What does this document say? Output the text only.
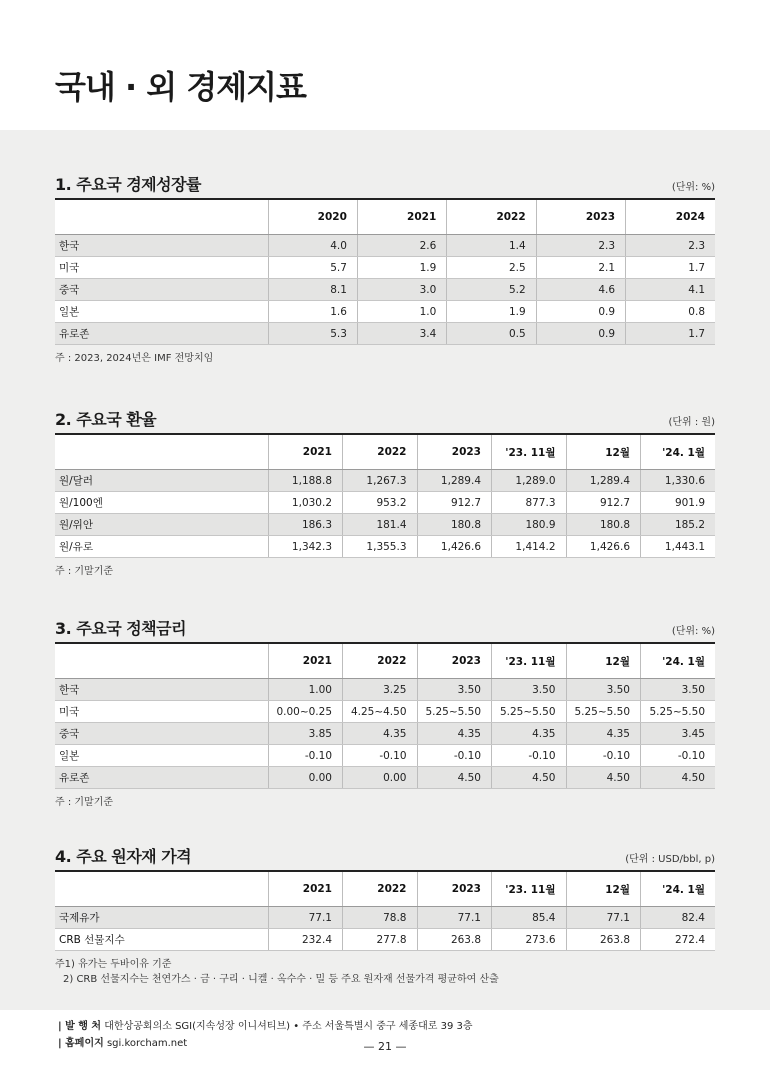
국내 · 외 경제지표
1. 주요국 경제성장률	(단위: %)
	2020	2021	2022	2023	2024
한국	4.0	2.6	1.4	2.3	2.3
미국	5.7	1.9	2.5	2.1	1.7
중국	8.1	3.0	5.2	4.6	4.1
일본	1.6	1.0	1.9	0.9	0.8
유로존	5.3	3.4	0.5	0.9	1.7
주 : 2023, 2024년은 IMF 전망치임
2. 주요국 환율	(단위 : 원)
	2021	2022	2023	'23. 11월	12월	'24. 1월
원/달러	1,188.8	1,267.3	1,289.4	1,289.0	1,289.4	1,330.6
원/100엔	1,030.2	953.2	912.7	877.3	912.7	901.9
원/위안	186.3	181.4	180.8	180.9	180.8	185.2
원/유로	1,342.3	1,355.3	1,426.6	1,414.2	1,426.6	1,443.1
주 : 기말기준
3. 주요국 정책금리	(단위: %)
	2021	2022	2023	'23. 11월	12월	'24. 1월
한국	1.00	3.25	3.50	3.50	3.50	3.50
미국	0.00~0.25	4.25~4.50	5.25~5.50	5.25~5.50	5.25~5.50	5.25~5.50
중국	3.85	4.35	4.35	4.35	4.35	3.45
일본	-0.10	-0.10	-0.10	-0.10	-0.10	-0.10
유로존	0.00	0.00	4.50	4.50	4.50	4.50
주 : 기말기준
4. 주요 원자재 가격	(단위 : USD/bbl, p)
	2021	2022	2023	'23. 11월	12월	'24. 1월
국제유가	77.1	78.8	77.1	85.4	77.1	82.4
CRB 선물지수	232.4	277.8	263.8	273.6	263.8	272.4
주1) 유가는 두바이유 기준
2) CRB 선물지수는 천연가스 · 금 · 구리 · 니켈 · 옥수수 · 밀 등 주요 원자재 선물가격 평균하여 산출
| 발 행 처 대한상공회의소 SGI(지속성장 이니셔티브) • 주소 서울특별시 중구 세종대로 39 3층
| 홈페이지 sgi.korcham.net	— 21 —
